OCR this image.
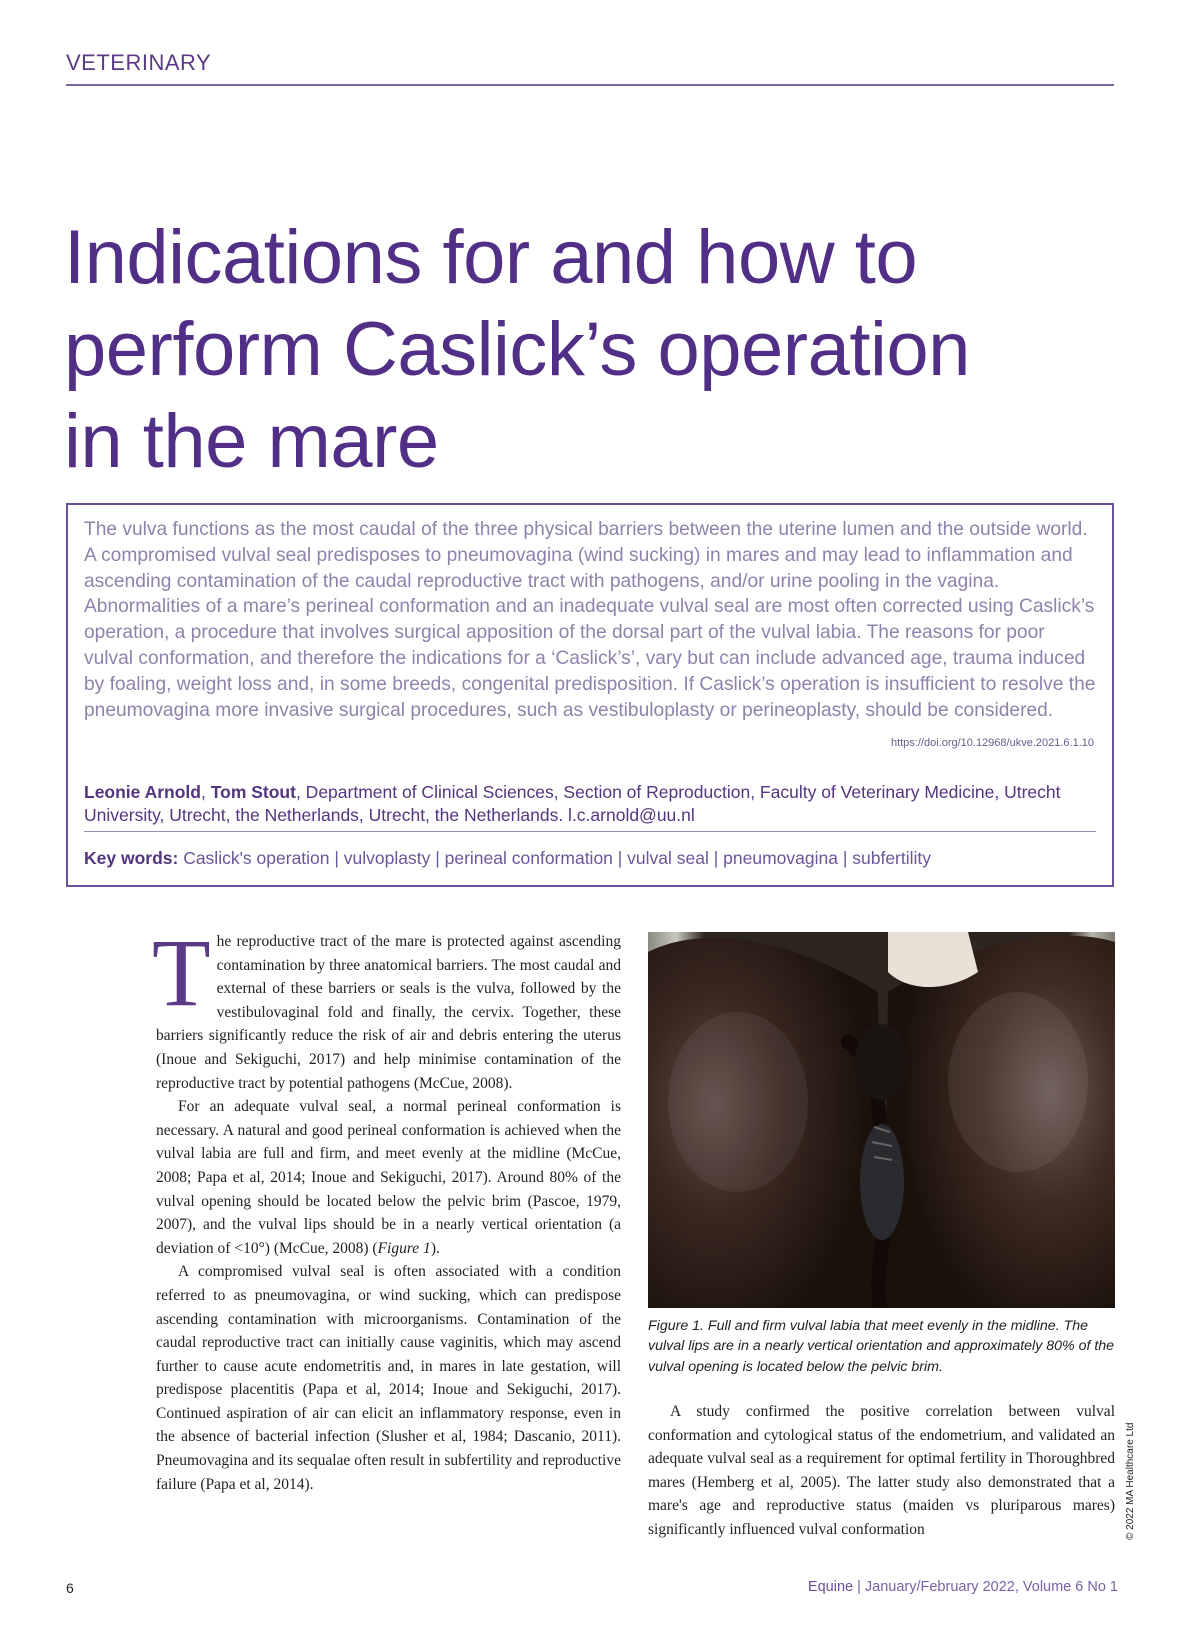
VETERINARY
Indications for and how to
perform Caslick’s operation
in the mare

The vulva functions as the most caudal of the three physical barriers between the uterine lumen and the outside world. A compromised vulval seal predisposes to pneumovagina (wind sucking) in mares and may lead to inflammation and ascending contamination of the caudal reproductive tract with pathogens, and/or urine pooling in the vagina. Abnormalities of a mare’s perineal conformation and an inadequate vulval seal are most often corrected using Caslick’s operation, a procedure that involves surgical apposition of the dorsal part of the vulval labia. The reasons for poor vulval conformation, and therefore the indications for a ‘Caslick’s’, vary but can include advanced age, trauma induced by foaling, weight loss and, in some breeds, congenital predisposition. If Caslick’s operation is insufficient to resolve the pneumovagina more invasive surgical procedures, such as vestibuloplasty or perineoplasty, should be considered.

https://doi.org/10.12968/ukve.2021.6.1.10

Leonie Arnold, Tom Stout, Department of Clinical Sciences, Section of Reproduction, Faculty of Veterinary Medicine, Utrecht University, Utrecht, the Netherlands, Utrecht, the Netherlands. l.c.arnold@uu.nl

Key words: Caslick's operation | vulvoplasty | perineal conformation | vulval seal | pneumovagina | subfertility

The reproductive tract of the mare is protected against ascending contamination by three anatomical barriers. The most caudal and external of these barriers or seals is the vulva, followed by the vestibulovaginal fold and finally, the cervix. Together, these barriers significantly reduce the risk of air and debris entering the uterus (Inoue and Sekiguchi, 2017) and help minimise contamination of the reproductive tract by potential pathogens (McCue, 2008).

For an adequate vulval seal, a normal perineal conformation is necessary. A natural and good perineal conformation is achieved when the vulval labia are full and firm, and meet evenly at the midline (McCue, 2008; Papa et al, 2014; Inoue and Sekiguchi, 2017). Around 80% of the vulval opening should be located below the pelvic brim (Pascoe, 1979, 2007), and the vulval lips should be in a nearly vertical orientation (a deviation of <10°) (McCue, 2008) (Figure 1).

A compromised vulval seal is often associated with a condition referred to as pneumovagina, or wind sucking, which can predispose ascending contamination with microorganisms. Contamination of the caudal reproductive tract can initially cause vaginitis, which may ascend further to cause acute endometritis and, in mares in late gestation, will predispose placentitis (Papa et al, 2014; Inoue and Sekiguchi, 2017). Continued aspiration of air can elicit an inflammatory response, even in the absence of bacterial infection (Slusher et al, 1984; Dascanio, 2011). Pneumovagina and its sequalae often result in subfertility and reproductive failure (Papa et al, 2014).

Figure 1. Full and firm vulval labia that meet evenly in the midline. The vulval lips are in a nearly vertical orientation and approximately 80% of the vulval opening is located below the pelvic brim.

A study confirmed the positive correlation between vulval conformation and cytological status of the endometrium, and validated an adequate vulval seal as a requirement for optimal fertility in Thoroughbred mares (Hemberg et al, 2005). The latter study also demonstrated that a mare's age and reproductive status (maiden vs pluriparous mares) significantly influenced vulval conformation	© 2022 MA Healthcare Ltd
6	Equine | January/February 2022, Volume 6 No 1
